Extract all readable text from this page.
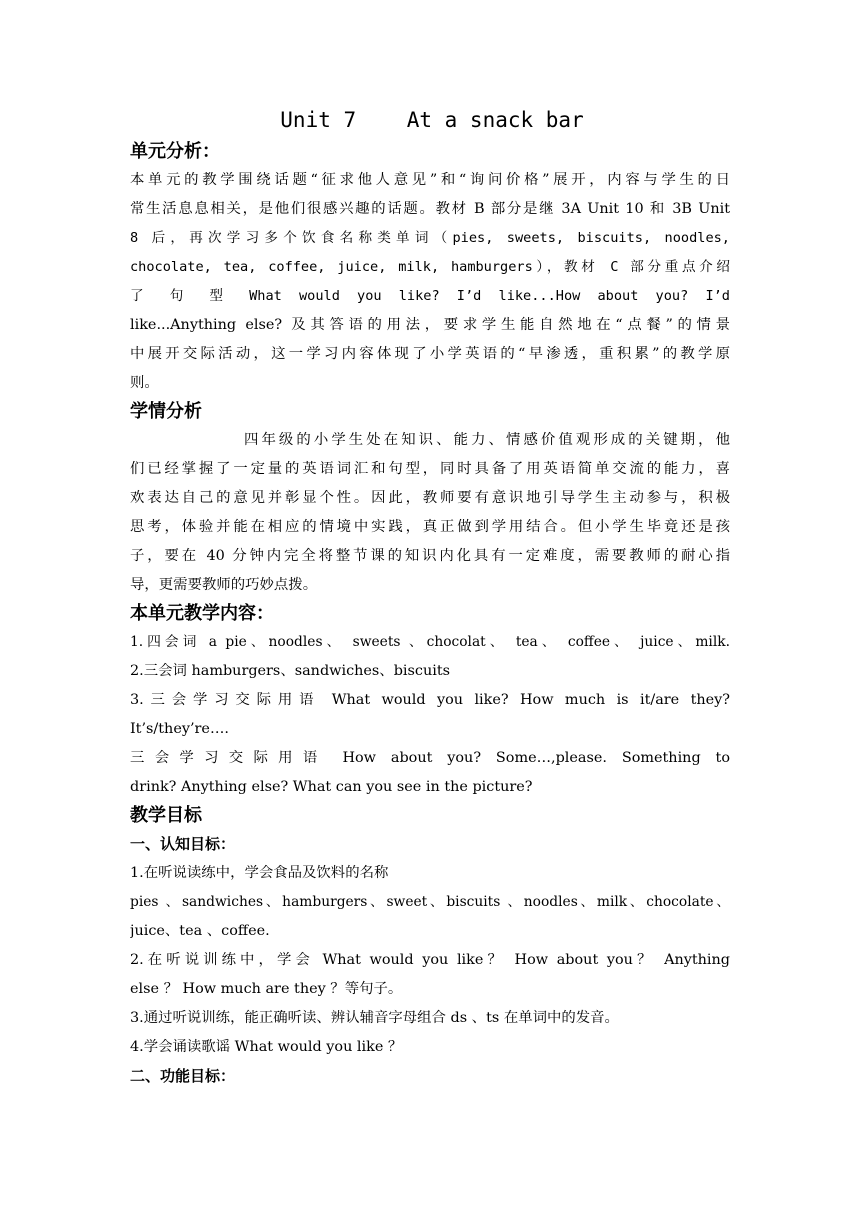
Unit 7    At a snack bar
单元分析：

本单元的教学围绕话题“征求他人意见”和“询问价格”展开，内容与学生的日

常生活息息相关，是他们很感兴趣的话题。教材 B 部分是继 3A Unit 10 和 3B Unit

8 后，再次学习多个饮食名称类单词（pies, sweets, biscuits, noodles,

chocolate, tea, coffee, juice, milk, hamburgers），教材 C 部分重点介绍

了 句 型 What would you like? I’d like...How about you? I’d

like...Anything else? 及其答语的用法，要求学生能自然地在“点餐”的情景

中展开交际活动，这一学习内容体现了小学英语的“早渗透，重积累”的教学原

则。

学情分析

四年级的小学生处在知识、能力、情感价值观形成的关键期，他

们已经掌握了一定量的英语词汇和句型，同时具备了用英语简单交流的能力，喜

欢表达自己的意见并彰显个性。因此，教师要有意识地引导学生主动参与，积极

思考，体验并能在相应的情境中实践，真正做到学用结合。但小学生毕竟还是孩

子，要在 40 分钟内完全将整节课的知识内化具有一定难度，需要教师的耐心指

导，更需要教师的巧妙点拨。

本单元教学内容：

1.四会词 a pie、noodles、 sweets 、chocolat、 tea、 coffee、 juice、milk.

2.三会词 hamburgers、sandwiches、biscuits

3.三会学习交际用语 What would you like? How much is it/are they?

It’s/they’re….

三会学习交际用语 How about you? Some…,please. Something to

drink? Anything else? What can you see in the picture?

教学目标
一、认知目标：

1.在听说读练中，学会食品及饮料的名称

pies 、sandwiches、hamburgers、sweet、biscuits 、noodles、milk、chocolate、

juice、tea 、coffee.

2.在听说训练中，学会 What would you like？ How about you？ Anything

else ？ How much are they ？等句子。

3.通过听说训练，能正确听读、辨认辅音字母组合 ds 、ts 在单词中的发音。

4.学会诵读歌谣 What would you like ？

二、功能目标：
